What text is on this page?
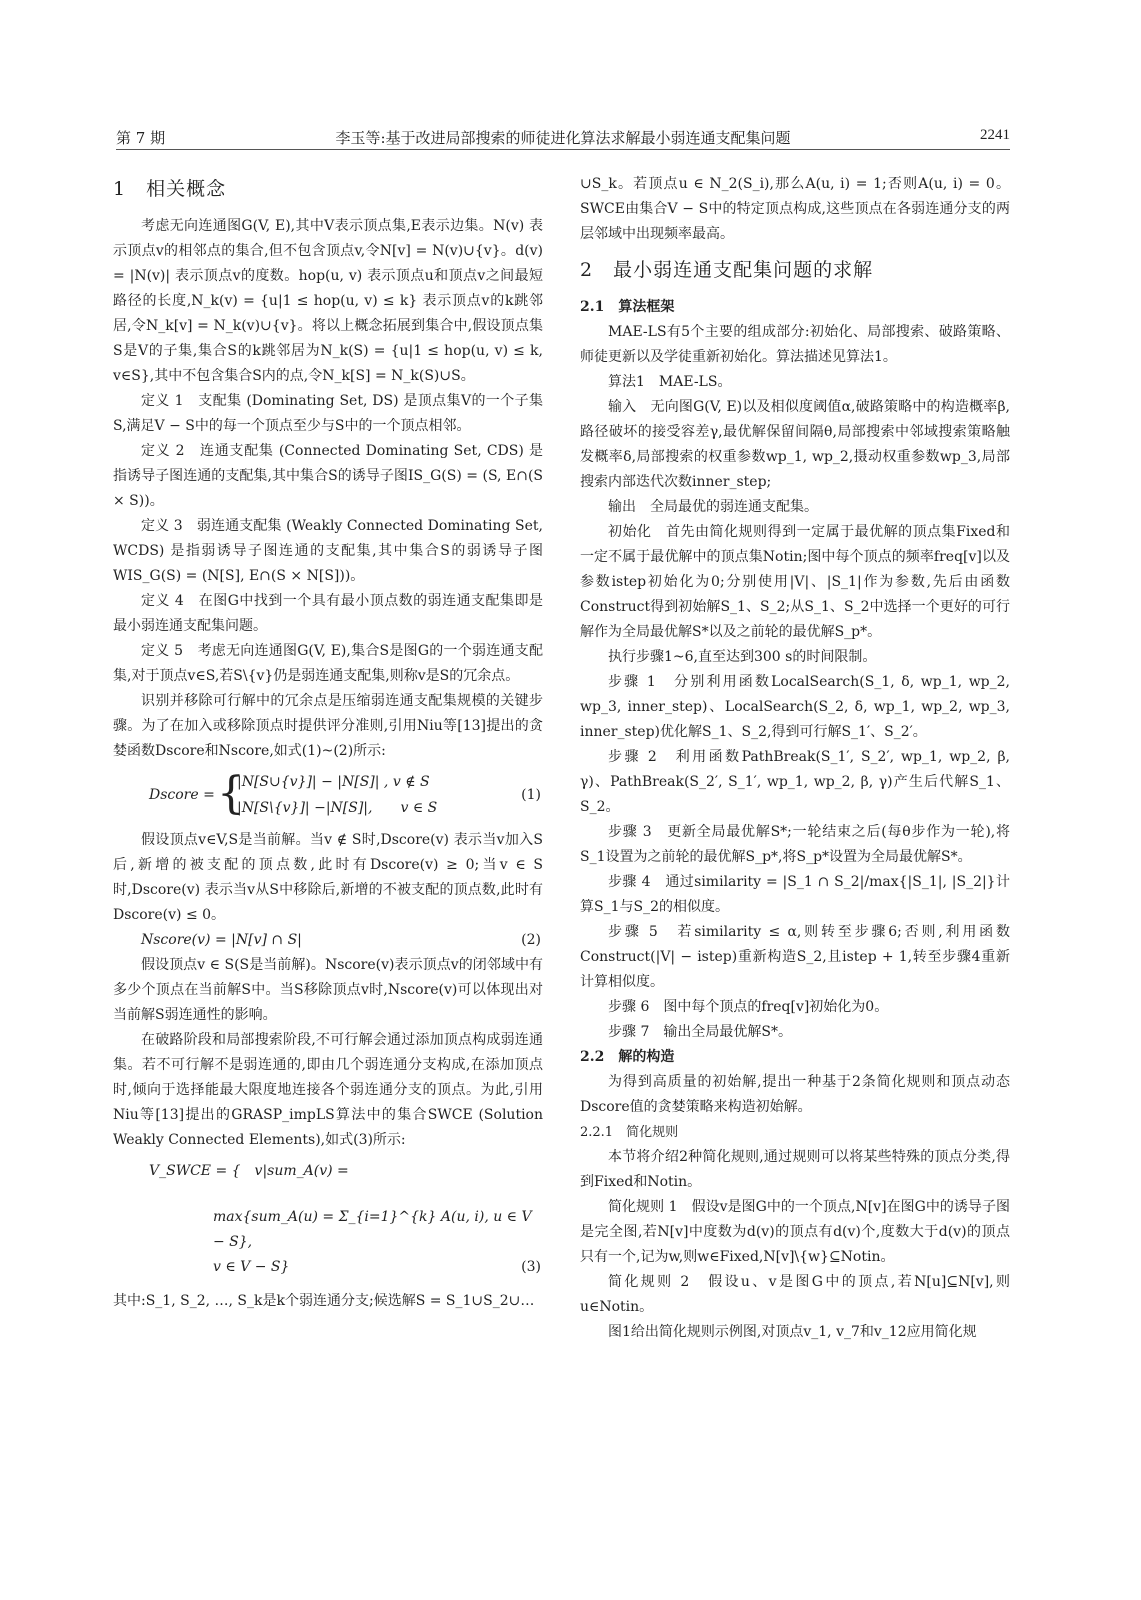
第 7 期	李玉等:基于改进局部搜索的师徒进化算法求解最小弱连通支配集问题	2241
1　相关概念

考虑无向连通图G(V, E),其中V表示顶点集,E表示边集。N(v) 表示顶点v的相邻点的集合,但不包含顶点v,令N[v] = N(v)∪{v}。d(v) = |N(v)| 表示顶点v的度数。hop(u, v) 表示顶点u和顶点v之间最短路径的长度,N_k(v) = {u|1 ≤ hop(u, v) ≤ k} 表示顶点v的k跳邻居,令N_k[v] = N_k(v)∪{v}。将以上概念拓展到集合中,假设顶点集S是V的子集,集合S的k跳邻居为N_k(S) = {u|1 ≤ hop(u, v) ≤ k, v∈S},其中不包含集合S内的点,令N_k[S] = N_k(S)∪S。

定义 1　支配集 (Dominating Set, DS) 是顶点集V的一个子集S,满足V − S中的每一个顶点至少与S中的一个顶点相邻。

定义 2　连通支配集 (Connected Dominating Set, CDS) 是指诱导子图连通的支配集,其中集合S的诱导子图IS_G(S) = (S, E∩(S × S))。

定义 3　弱连通支配集 (Weakly Connected Dominating Set, WCDS) 是指弱诱导子图连通的支配集,其中集合S的弱诱导子图WIS_G(S) = (N[S], E∩(S × N[S]))。

定义 4　在图G中找到一个具有最小顶点数的弱连通支配集即是最小弱连通支配集问题。

定义 5　考虑无向连通图G(V, E),集合S是图G的一个弱连通支配集,对于顶点v∈S,若S\{v}仍是弱连通支配集,则称v是S的冗余点。

识别并移除可行解中的冗余点是压缩弱连通支配集规模的关键步骤。为了在加入或移除顶点时提供评分准则,引用Niu等[13]提出的贪婪函数Dscore和Nscore,如式(1)~(2)所示:

Dscore = {
|N[S∪{v}]| − |N[S]| , v ∉ S
|N[S\{v}]| −|N[S]|,　　v ∈ S
(1)

假设顶点v∈V,S是当前解。当v ∉ S时,Dscore(v) 表示当v加入S后,新增的被支配的顶点数,此时有Dscore(v) ≥ 0;当v ∈ S时,Dscore(v) 表示当v从S中移除后,新增的不被支配的顶点数,此时有Dscore(v) ≤ 0。

Nscore(v) = |N[v] ∩ S|	(2)

假设顶点v ∈ S(S是当前解)。Nscore(v)表示顶点v的闭邻域中有多少个顶点在当前解S中。当S移除顶点v时,Nscore(v)可以体现出对当前解S弱连通性的影响。

在破路阶段和局部搜索阶段,不可行解会通过添加顶点构成弱连通集。若不可行解不是弱连通的,即由几个弱连通分支构成,在添加顶点时,倾向于选择能最大限度地连接各个弱连通分支的顶点。为此,引用Niu等[13]提出的GRASP_impLS算法中的集合SWCE (Solution Weakly Connected Elements),如式(3)所示:

V_SWCE = {　v|sum_A(v) =
max{sum_A(u) = Σ_{i=1}^{k} A(u, i), u ∈ V − S},
v ∈ V − S}	(3)

其中:S_1, S_2, …, S_k是k个弱连通分支;候选解S = S_1∪S_2∪…

∪S_k。若顶点u ∈ N_2(S_i),那么A(u, i) = 1;否则A(u, i) = 0。SWCE由集合V − S中的特定顶点构成,这些顶点在各弱连通分支的两层邻域中出现频率最高。

2　最小弱连通支配集问题的求解
2.1　算法框架

MAE-LS有5个主要的组成部分:初始化、局部搜索、破路策略、师徒更新以及学徒重新初始化。算法描述见算法1。

算法1　MAE-LS。

输入　无向图G(V, E)以及相似度阈值α,破路策略中的构造概率β,路径破坏的接受容差γ,最优解保留间隔θ,局部搜索中邻域搜索策略触发概率δ,局部搜索的权重参数wp_1, wp_2,摄动权重参数wp_3,局部搜索内部迭代次数inner_step;

输出　全局最优的弱连通支配集。

初始化　首先由简化规则得到一定属于最优解的顶点集Fixed和一定不属于最优解中的顶点集Notin;图中每个顶点的频率freq[v]以及参数istep初始化为0;分别使用|V|、|S_1|作为参数,先后由函数Construct得到初始解S_1、S_2;从S_1、S_2中选择一个更好的可行解作为全局最优解S*以及之前轮的最优解S_p*。

执行步骤1~6,直至达到300 s的时间限制。

步骤 1　分别利用函数LocalSearch(S_1, δ, wp_1, wp_2, wp_3, inner_step)、LocalSearch(S_2, δ, wp_1, wp_2, wp_3, inner_step)优化解S_1、S_2,得到可行解S_1′、S_2′。

步骤 2　利用函数PathBreak(S_1′, S_2′, wp_1, wp_2, β, γ)、PathBreak(S_2′, S_1′, wp_1, wp_2, β, γ)产生后代解S_1、S_2。

步骤 3　更新全局最优解S*;一轮结束之后(每θ步作为一轮),将S_1设置为之前轮的最优解S_p*,将S_p*设置为全局最优解S*。

步骤 4　通过similarity = |S_1 ∩ S_2|/max{|S_1|, |S_2|}计算S_1与S_2的相似度。

步骤 5　若similarity ≤ α,则转至步骤6;否则,利用函数Construct(|V| − istep)重新构造S_2,且istep + 1,转至步骤4重新计算相似度。

步骤 6　图中每个顶点的freq[v]初始化为0。

步骤 7　输出全局最优解S*。

2.2　解的构造

为得到高质量的初始解,提出一种基于2条简化规则和顶点动态Dscore值的贪婪策略来构造初始解。

2.2.1　简化规则

本节将介绍2种简化规则,通过规则可以将某些特殊的顶点分类,得到Fixed和Notin。

简化规则 1　假设v是图G中的一个顶点,N[v]在图G中的诱导子图是完全图,若N[v]中度数为d(v)的顶点有d(v)个,度数大于d(v)的顶点只有一个,记为w,则w∈Fixed,N[v]\{w}⊆Notin。

简化规则 2　假设u、v是图G中的顶点,若N[u]⊆N[v],则u∈Notin。

图1给出简化规则示例图,对顶点v_1, v_7和v_12应用简化规
